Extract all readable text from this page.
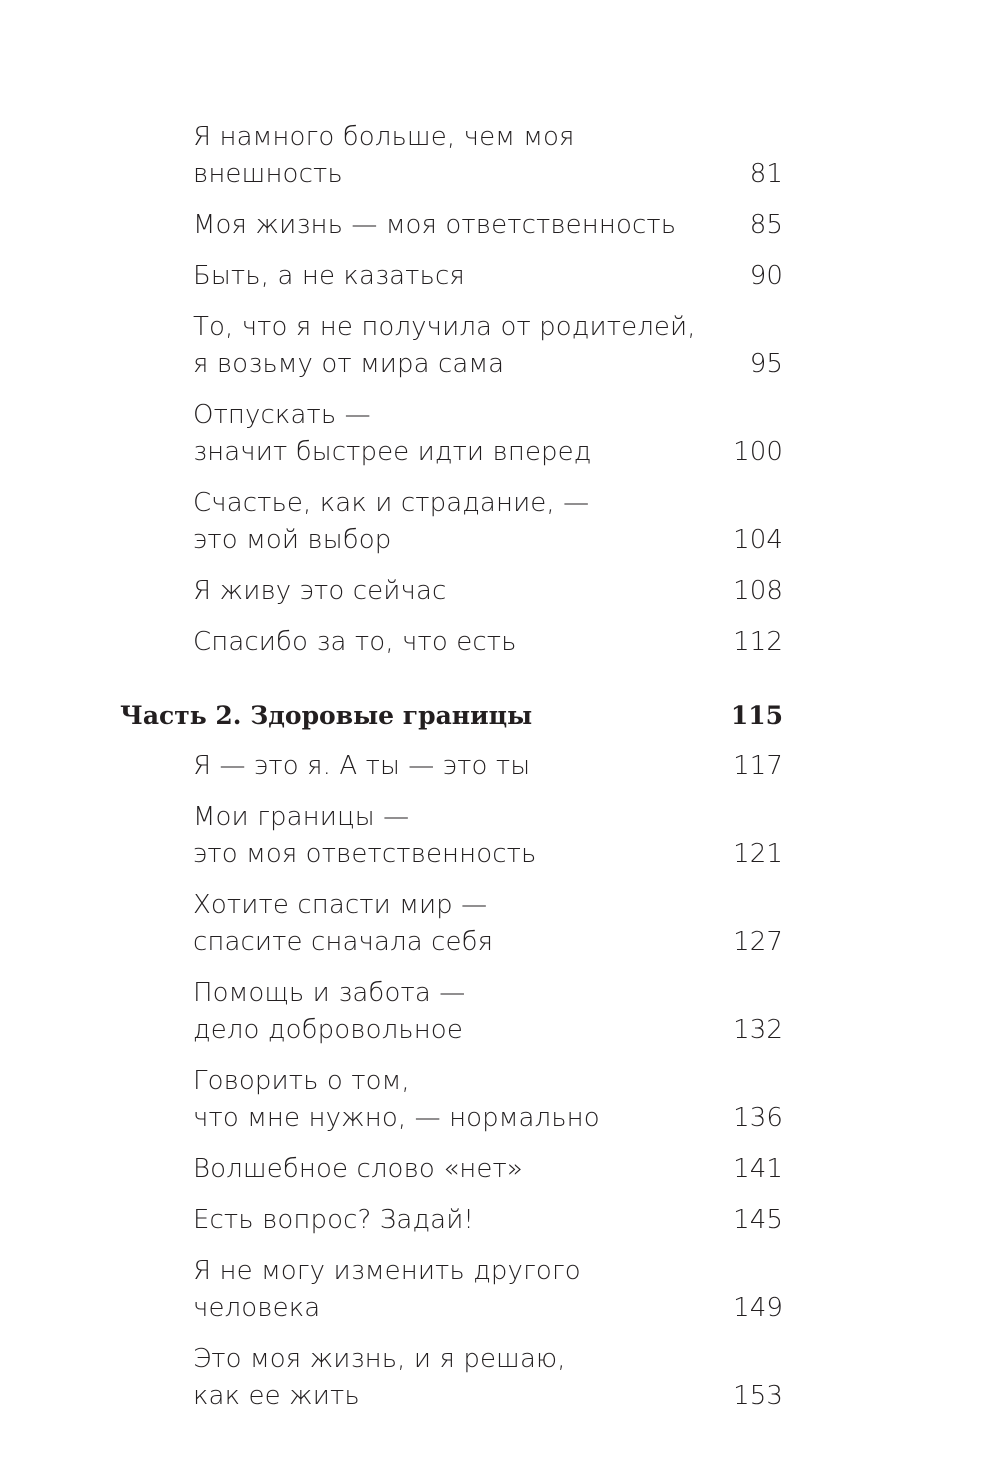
Я намного больше, чем моя внешность	81
Моя жизнь — моя ответственность	85
Быть, а не казаться	90
То, что я не получила от родителей,
я возьму от мира сама	95
Отпускать —
значит быстрее идти вперед	100
Счастье, как и страдание, —
это мой выбор	104
Я живу это сейчас	108
Спасибо за то, что есть	112
Часть 2. Здоровые границы	115
Я — это я. А ты — это ты	117
Мои границы —
это моя ответственность	121
Хотите спасти мир —
спасите сначала себя	127
Помощь и забота —
дело добровольное	132
Говорить о том,
что мне нужно, — нормально	136
Волшебное слово «нет»	141
Есть вопрос? Задай!	145
Я не могу изменить другого человека	149
Это моя жизнь, и я решаю,
как ее жить	153
